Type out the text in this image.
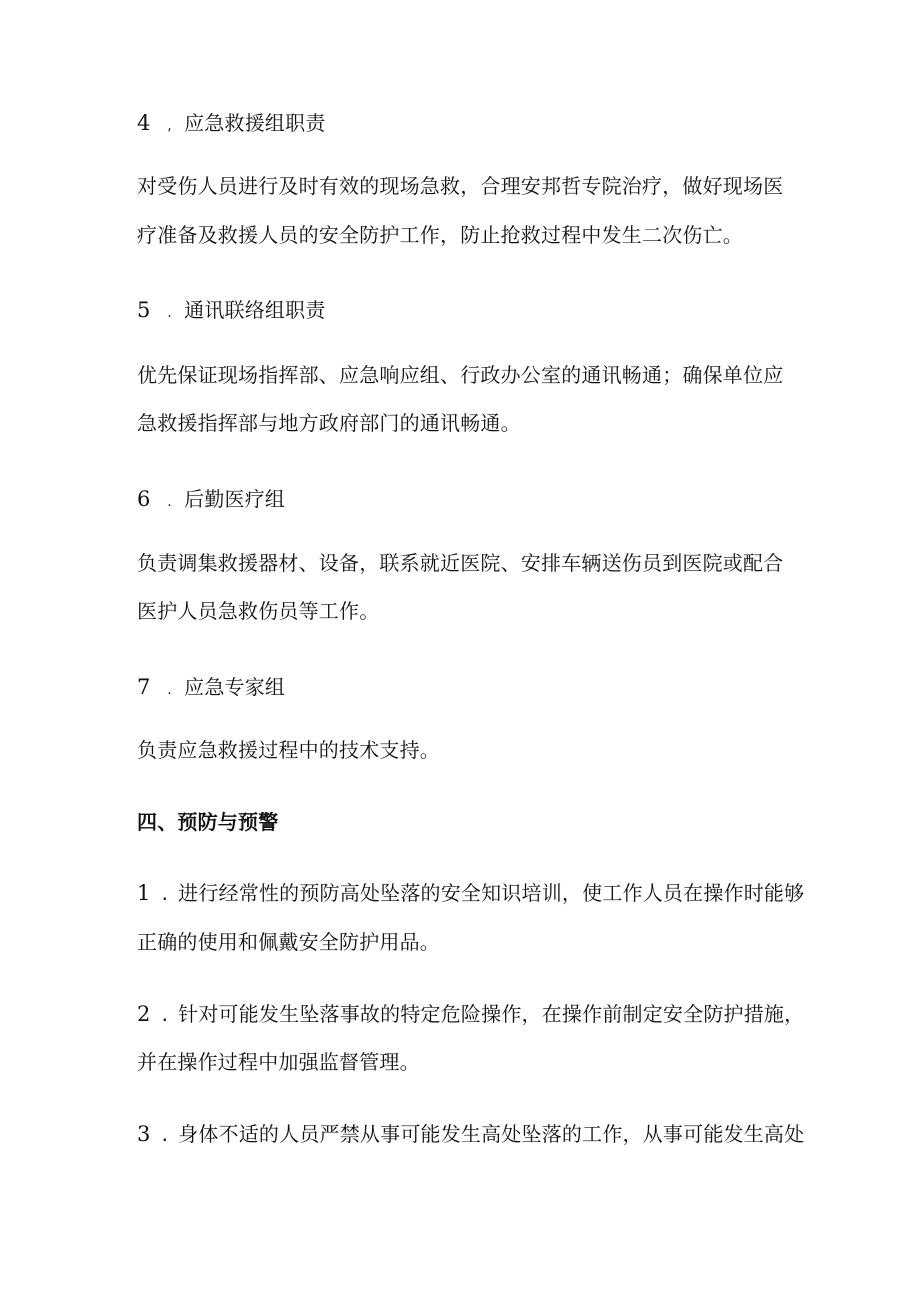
4 , 应急救援组职责
对受伤人员进行及时有效的现场急救，合理安邦哲专院治疗，做好现场医
疗准备及救援人员的安全防护工作，防止抢救过程中发生二次伤亡。
5 . 通讯联络组职责
优先保证现场指挥部、应急响应组、行政办公室的通讯畅通；确保单位应
急救援指挥部与地方政府部门的通讯畅通。
6 . 后勤医疗组
负责调集救援器材、设备，联系就近医院、安排车辆送伤员到医院或配合
医护人员急救伤员等工作。
7 . 应急专家组
负责应急救援过程中的技术支持。
四、预防与预警
1 . 进行经常性的预防高处坠落的安全知识培训，使工作人员在操作时能够
正确的使用和佩戴安全防护用品。
2 . 针对可能发生坠落事故的特定危险操作，在操作前制定安全防护措施，
并在操作过程中加强监督管理。
3 . 身体不适的人员严禁从事可能发生高处坠落的工作，从事可能发生高处
